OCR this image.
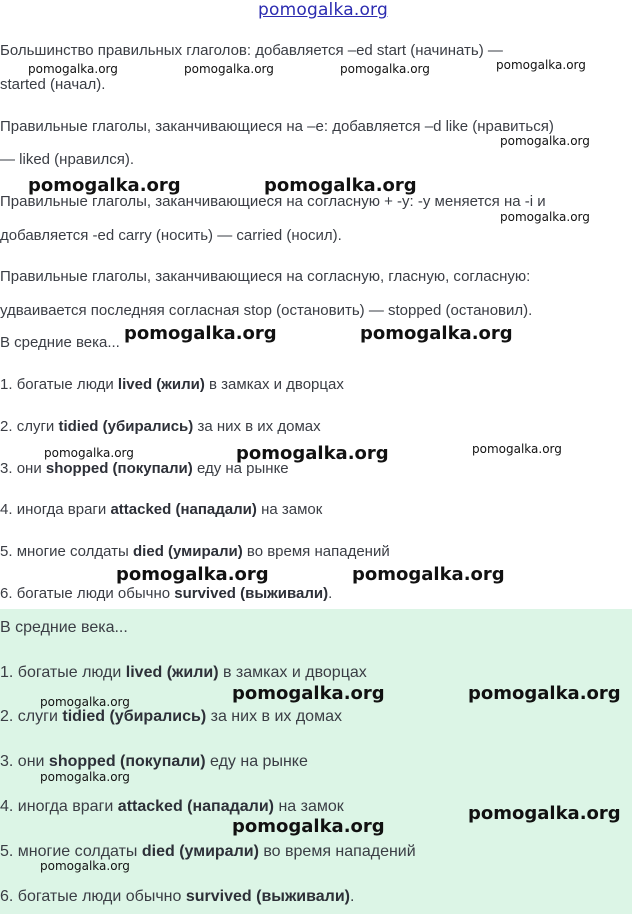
pomogalka.org
Большинство правильных глаголов: добавляется –ed start (начинать) —
started (начал).
Правильные глаголы, заканчивающиеся на –е: добавляется –d like (нравиться)
— liked (нравился).
Правильные глаголы, заканчивающиеся на согласную + -у: -у меняется на -i и
добавляется -ed carry (носить) — carried (носил).
Правильные глаголы, заканчивающиеся на согласную, гласную, согласную:
удваивается последняя согласная stop (остановить) — stopped (остановил).
В средние века...
1. богатые люди lived (жили) в замках и дворцах
2. слуги tidied (убирались) за них в их домах
3. они shopped (покупали) еду на рынке
4. иногда враги attacked (нападали) на замок
5. многие солдаты died (умирали) во время нападений
6. богатые люди обычно survived (выживали).
В средние века...
1. богатые люди lived (жили) в замках и дворцах
2. слуги tidied (убирались) за них в их домах
3. они shopped (покупали) еду на рынке
4. иногда враги attacked (нападали) на замок
5. многие солдаты died (умирали) во время нападений
6. богатые люди обычно survived (выживали).
pomogalka.org	pomogalka.org	pomogalka.org	pomogalka.org
pomogalka.org
pomogalka.org	pomogalka.org
pomogalka.org
pomogalka.org	pomogalka.org
pomogalka.org	pomogalka.org	pomogalka.org
pomogalka.org	pomogalka.org
pomogalka.org	pomogalka.org
pomogalka.org
pomogalka.org
pomogalka.org
pomogalka.org
pomogalka.org
